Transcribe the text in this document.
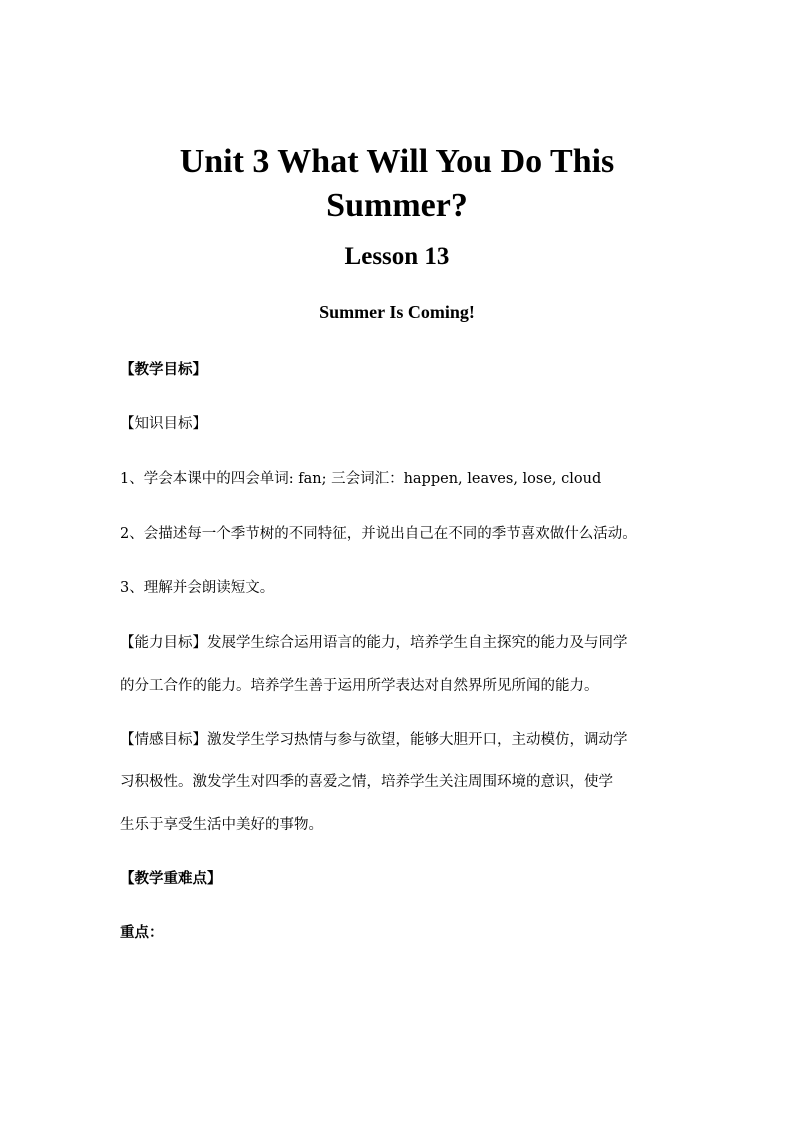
Unit 3 What Will You Do This
Summer?
Lesson 13
Summer Is Coming!

【教学目标】

【知识目标】

1、学会本课中的四会单词: fan; 三会词汇：happen, leaves, lose, cloud

2、会描述每一个季节树的不同特征，并说出自己在不同的季节喜欢做什么活动。

3、理解并会朗读短文。

【能力目标】发展学生综合运用语言的能力，培养学生自主探究的能力及与同学

的分工合作的能力。培养学生善于运用所学表达对自然界所见所闻的能力。

【情感目标】激发学生学习热情与参与欲望，能够大胆开口，主动模仿，调动学

习积极性。激发学生对四季的喜爱之情，培养学生关注周围环境的意识，使学

生乐于享受生活中美好的事物。

【教学重难点】

重点：
